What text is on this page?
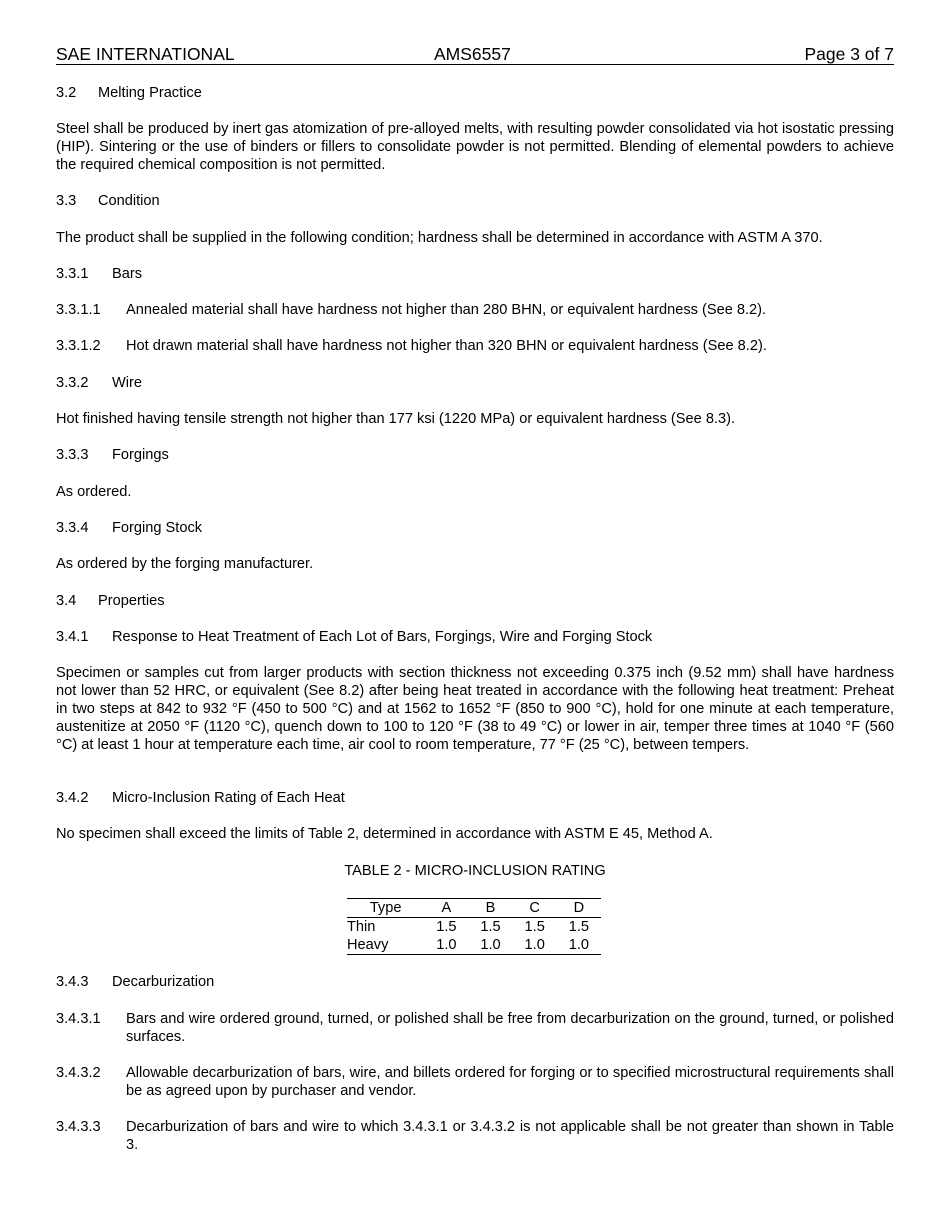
SAE INTERNATIONAL	AMS6557	Page 3 of 7
3.2 Melting Practice
Steel shall be produced by inert gas atomization of pre-alloyed melts, with resulting powder consolidated via hot isostatic pressing (HIP). Sintering or the use of binders or fillers to consolidate powder is not permitted. Blending of elemental powders to achieve the required chemical composition is not permitted.
3.3 Condition
The product shall be supplied in the following condition; hardness shall be determined in accordance with ASTM A 370.
3.3.1 Bars
3.3.1.1 Annealed material shall have hardness not higher than 280 BHN, or equivalent hardness (See 8.2).
3.3.1.2 Hot drawn material shall have hardness not higher than 320 BHN or equivalent hardness (See 8.2).
3.3.2 Wire
Hot finished having tensile strength not higher than 177 ksi (1220 MPa) or equivalent hardness (See 8.3).
3.3.3 Forgings
As ordered.
3.3.4 Forging Stock
As ordered by the forging manufacturer.
3.4 Properties
3.4.1 Response to Heat Treatment of Each Lot of Bars, Forgings, Wire and Forging Stock
Specimen or samples cut from larger products with section thickness not exceeding 0.375 inch (9.52 mm) shall have hardness not lower than 52 HRC, or equivalent (See 8.2) after being heat treated in accordance with the following heat treatment: Preheat in two steps at 842 to 932 °F (450 to 500 °C) and at 1562 to 1652 °F (850 to 900 °C), hold for one minute at each temperature, austenitize at 2050 °F (1120 °C), quench down to 100 to 120 °F (38 to 49 °C) or lower in air, temper three times at 1040 °F (560 °C) at least 1 hour at temperature each time, air cool to room temperature, 77 °F (25 °C), between tempers.
3.4.2 Micro-Inclusion Rating of Each Heat
No specimen shall exceed the limits of Table 2, determined in accordance with ASTM E 45, Method A.
TABLE 2 - MICRO-INCLUSION RATING
Type	A	B	C	D
Thin	1.5	1.5	1.5	1.5
Heavy	1.0	1.0	1.0	1.0
3.4.3 Decarburization
3.4.3.1 Bars and wire ordered ground, turned, or polished shall be free from decarburization on the ground, turned, or polished surfaces.
3.4.3.2 Allowable decarburization of bars, wire, and billets ordered for forging or to specified microstructural requirements shall be as agreed upon by purchaser and vendor.
3.4.3.3 Decarburization of bars and wire to which 3.4.3.1 or 3.4.3.2 is not applicable shall be not greater than shown in Table 3.
